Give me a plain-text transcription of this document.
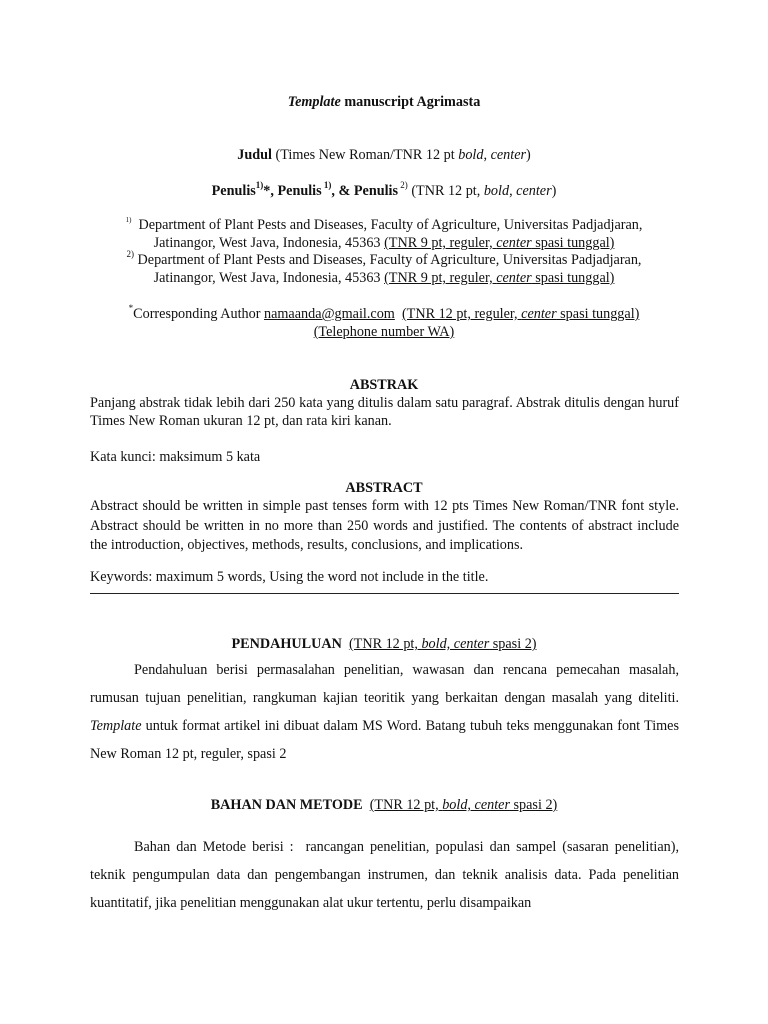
Template manuscript Agrimasta
Judul (Times New Roman/TNR 12 pt bold, center)
Penulis$^{1)}$*, Penulis $^{1)}$, & Penulis $^{2)}$ (TNR 12 pt, bold, center)
$^{1)}$ Department of Plant Pests and Diseases, Faculty of Agriculture, Universitas Padjadjaran,
Jatinangor, West Java, Indonesia, 45363 (TNR 9 pt, reguler, center spasi tunggal)
$^{2)}$ Department of Plant Pests and Diseases, Faculty of Agriculture, Universitas Padjadjaran,
Jatinangor, West Java, Indonesia, 45363 (TNR 9 pt, reguler, center spasi tunggal)
*Corresponding Author namaanda@gmail.com (TNR 12 pt, reguler, center spasi tunggal)
(Telephone number WA)
ABSTRAK
Panjang abstrak tidak lebih dari 250 kata yang ditulis dalam satu paragraf. Abstrak ditulis dengan huruf Times New Roman ukuran 12 pt, dan rata kiri kanan.
Kata kunci: maksimum 5 kata
ABSTRACT
Abstract should be written in simple past tenses form with 12 pts Times New Roman/TNR font style. Abstract should be written in no more than 250 words and justified. The contents of abstract include the introduction, objectives, methods, results, conclusions, and implications.
Keywords: maximum 5 words, Using the word not include in the title.
PENDAHULUAN (TNR 12 pt, bold, center spasi 2)
Pendahuluan berisi permasalahan penelitian, wawasan dan rencana pemecahan masalah, rumusan tujuan penelitian, rangkuman kajian teoritik yang berkaitan dengan masalah yang diteliti. Template untuk format artikel ini dibuat dalam MS Word. Batang tubuh teks menggunakan font Times New Roman 12 pt, reguler, spasi 2
BAHAN DAN METODE (TNR 12 pt, bold, center spasi 2)
Bahan dan Metode berisi :  rancangan penelitian, populasi dan sampel (sasaran penelitian), teknik pengumpulan data dan pengembangan instrumen, dan teknik analisis data. Pada penelitian kuantitatif, jika penelitian menggunakan alat ukur tertentu, perlu disampaikan
